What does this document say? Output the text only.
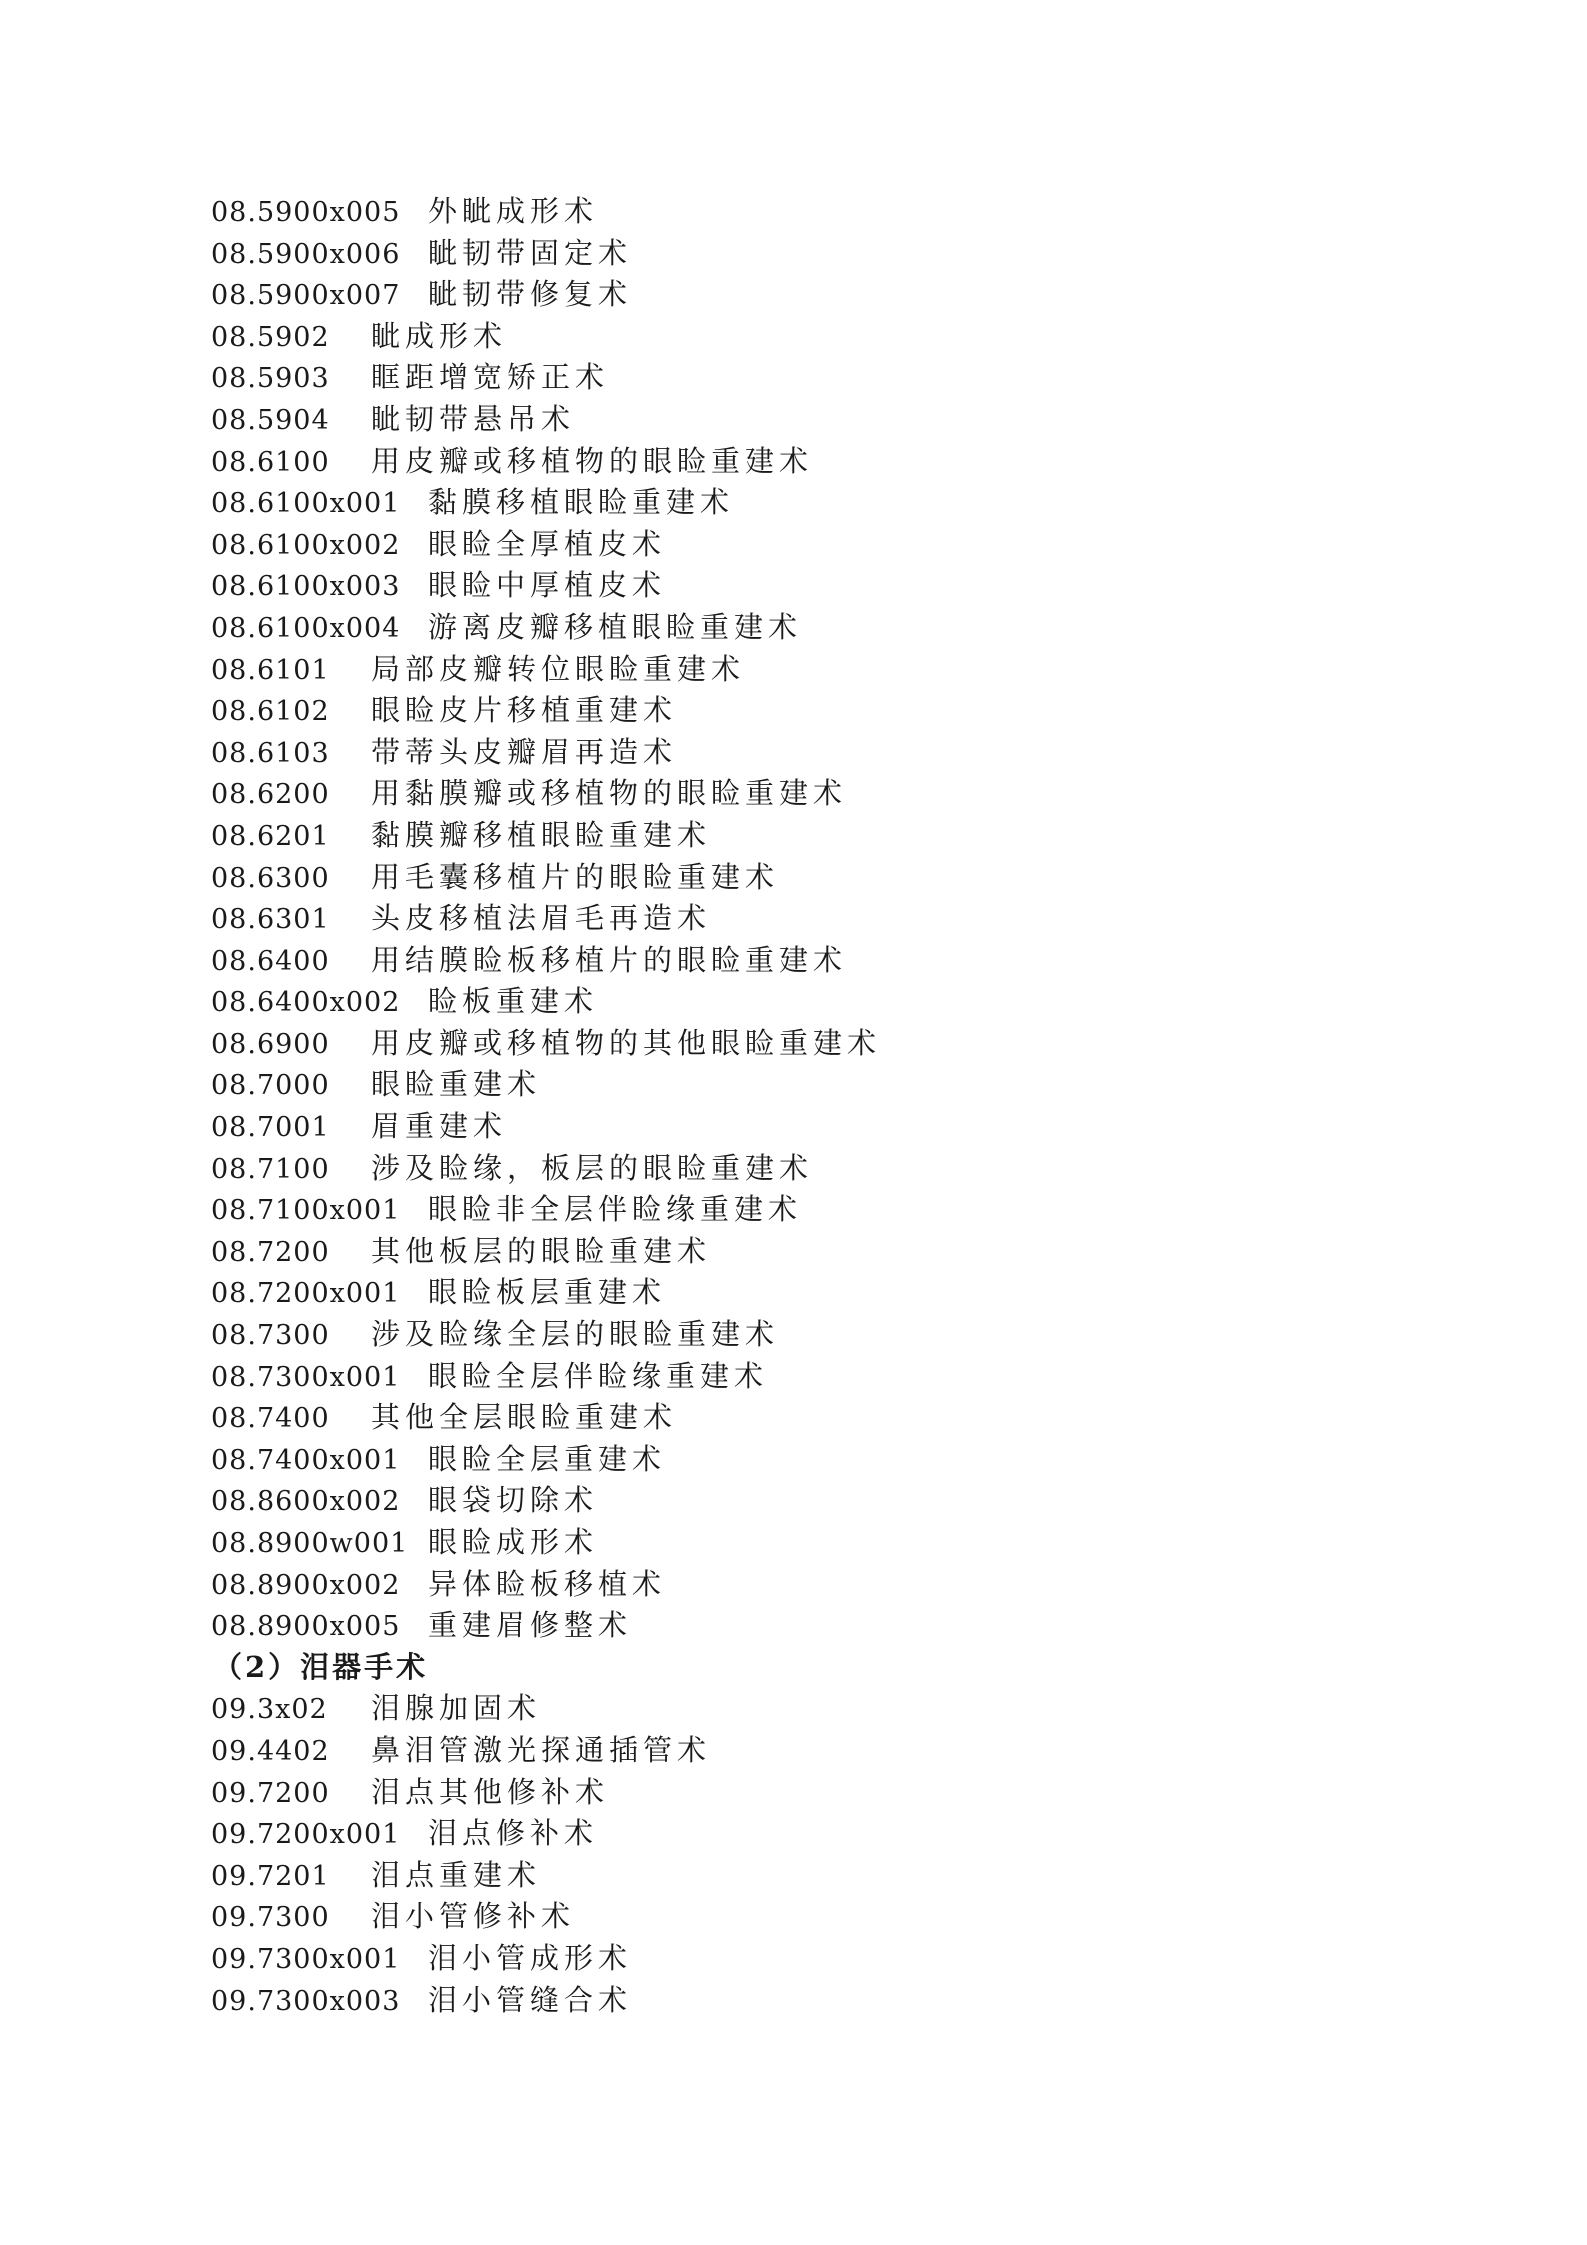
08.5900x005 外眦成形术
08.5900x006 眦韧带固定术
08.5900x007 眦韧带修复术
08.5902 眦成形术
08.5903 眶距增宽矫正术
08.5904 眦韧带悬吊术
08.6100 用皮瓣或移植物的眼睑重建术
08.6100x001 黏膜移植眼睑重建术
08.6100x002 眼睑全厚植皮术
08.6100x003 眼睑中厚植皮术
08.6100x004 游离皮瓣移植眼睑重建术
08.6101 局部皮瓣转位眼睑重建术
08.6102 眼睑皮片移植重建术
08.6103 带蒂头皮瓣眉再造术
08.6200 用黏膜瓣或移植物的眼睑重建术
08.6201 黏膜瓣移植眼睑重建术
08.6300 用毛囊移植片的眼睑重建术
08.6301 头皮移植法眉毛再造术
08.6400 用结膜睑板移植片的眼睑重建术
08.6400x002 睑板重建术
08.6900 用皮瓣或移植物的其他眼睑重建术
08.7000 眼睑重建术
08.7001 眉重建术
08.7100 涉及睑缘，板层的眼睑重建术
08.7100x001 眼睑非全层伴睑缘重建术
08.7200 其他板层的眼睑重建术
08.7200x001 眼睑板层重建术
08.7300 涉及睑缘全层的眼睑重建术
08.7300x001 眼睑全层伴睑缘重建术
08.7400 其他全层眼睑重建术
08.7400x001 眼睑全层重建术
08.8600x002 眼袋切除术
08.8900w001 眼睑成形术
08.8900x002 异体睑板移植术
08.8900x005 重建眉修整术
（2）泪器手术
09.3x02 泪腺加固术
09.4402 鼻泪管激光探通插管术
09.7200 泪点其他修补术
09.7200x001 泪点修补术
09.7201 泪点重建术
09.7300 泪小管修补术
09.7300x001 泪小管成形术
09.7300x003 泪小管缝合术
